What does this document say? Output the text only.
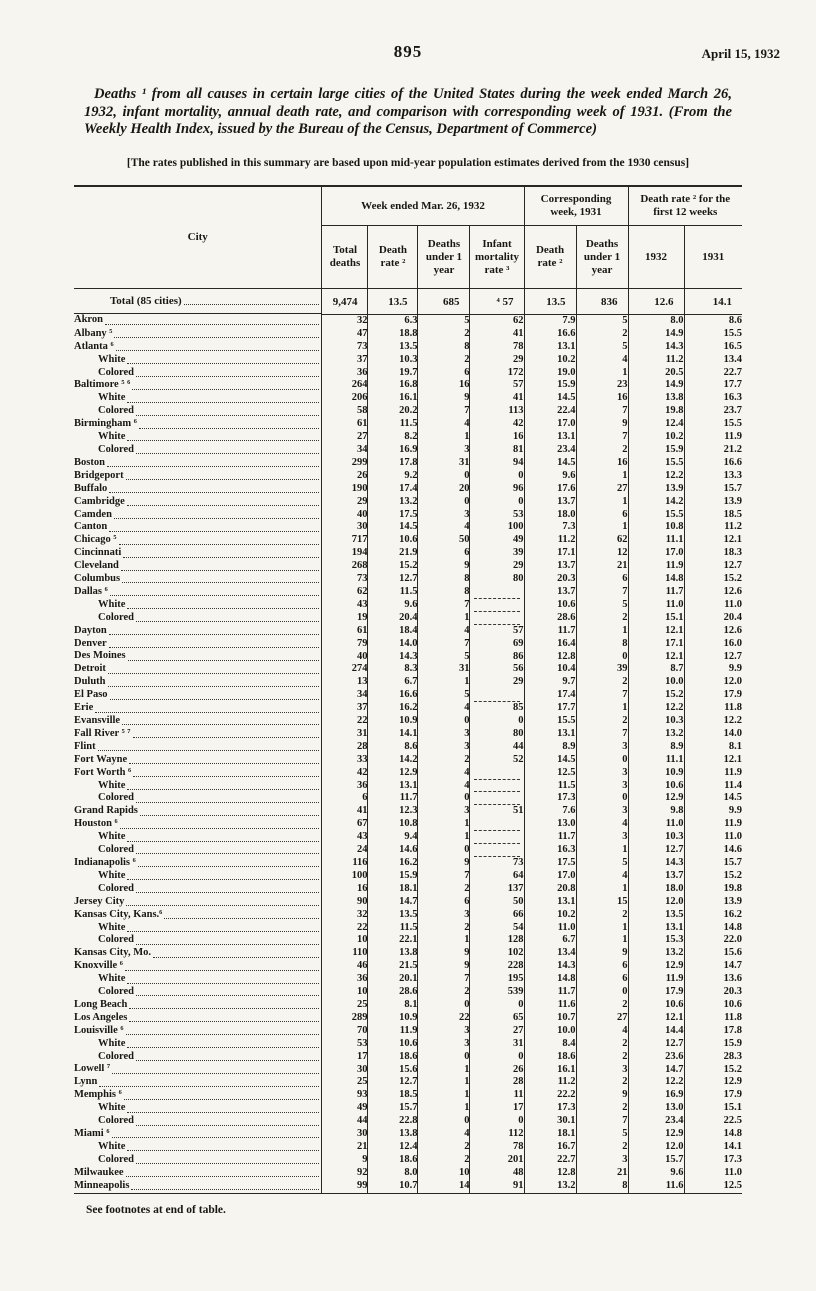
895	April 15, 1932

Deaths ¹ from all causes in certain large cities of the United States during the week ended March 26, 1932, infant mortality, annual death rate, and comparison with corresponding week of 1931. (From the Weekly Health Index, issued by the Bureau of the Census, Department of Commerce)

[The rates published in this summary are based upon mid-year population estimates derived from the 1930 census]

City	Week ended Mar. 26, 1932				Corresponding week, 1931		Death rate ² for the first 12 weeks	
	Total deaths	Death rate ²	Deaths under 1 year	Infant mortality rate ³	Death rate ²	Deaths under 1 year	1932	1931

Total (85 cities)	9,474	13.5	685	⁴ 57	13.5	836	12.6	14.1

Akron	32	6.3	5	62	7.9	5	8.0	8.6

Albany ⁵	47	18.8	2	41	16.6	2	14.9	15.5

Atlanta ⁶	73	13.5	8	78	13.1	5	14.3	16.5

White	37	10.3	2	29	10.2	4	11.2	13.4

Colored	36	19.7	6	172	19.0	1	20.5	22.7

Baltimore ⁵ ⁶	264	16.8	16	57	15.9	23	14.9	17.7

White	206	16.1	9	41	14.5	16	13.8	16.3

Colored	58	20.2	7	113	22.4	7	19.8	23.7

Birmingham ⁶	61	11.5	4	42	17.0	9	12.4	15.5

White	27	8.2	1	16	13.1	7	10.2	11.9

Colored	34	16.9	3	81	23.4	2	15.9	21.2

Boston	299	17.8	31	94	14.5	16	15.5	16.6

Bridgeport	26	9.2	0	0	9.6	1	12.2	13.3

Buffalo	190	17.4	20	96	17.6	27	13.9	15.7

Cambridge	29	13.2	0	0	13.7	1	14.2	13.9

Camden	40	17.5	3	53	18.0	6	15.5	18.5

Canton	30	14.5	4	100	7.3	1	10.8	11.2

Chicago ⁵	717	10.6	50	49	11.2	62	11.1	12.1

Cincinnati	194	21.9	6	39	17.1	12	17.0	18.3

Cleveland	268	15.2	9	29	13.7	21	11.9	12.7

Columbus	73	12.7	8	80	20.3	6	14.8	15.2

Dallas ⁶	62	11.5	8		13.7	7	11.7	12.6

White	43	9.6	7		10.6	5	11.0	11.0

Colored	19	20.4	1		28.6	2	15.1	20.4

Dayton	61	18.4	4	57	11.7	1	12.1	12.6

Denver	79	14.0	7	69	16.4	8	17.1	16.0

Des Moines	40	14.3	5	86	12.8	0	12.1	12.7

Detroit	274	8.3	31	56	10.4	39	8.7	9.9

Duluth	13	6.7	1	29	9.7	2	10.0	12.0

El Paso	34	16.6	5		17.4	7	15.2	17.9

Erie	37	16.2	4	85	17.7	1	12.2	11.8

Evansville	22	10.9	0	0	15.5	2	10.3	12.2

Fall River ⁵ ⁷	31	14.1	3	80	13.1	7	13.2	14.0

Flint	28	8.6	3	44	8.9	3	8.9	8.1

Fort Wayne	33	14.2	2	52	14.5	0	11.1	12.1

Fort Worth ⁶	42	12.9	4		12.5	3	10.9	11.9

White	36	13.1	4		11.5	3	10.6	11.4

Colored	6	11.7	0		17.3	0	12.9	14.5

Grand Rapids	41	12.3	3	51	7.6	3	9.8	9.9

Houston ⁶	67	10.8	1		13.0	4	11.0	11.9

White	43	9.4	1		11.7	3	10.3	11.0

Colored	24	14.6	0		16.3	1	12.7	14.6

Indianapolis ⁶	116	16.2	9	73	17.5	5	14.3	15.7

White	100	15.9	7	64	17.0	4	13.7	15.2

Colored	16	18.1	2	137	20.8	1	18.0	19.8

Jersey City	90	14.7	6	50	13.1	15	12.0	13.9

Kansas City, Kans.⁶	32	13.5	3	66	10.2	2	13.5	16.2

White	22	11.5	2	54	11.0	1	13.1	14.8

Colored	10	22.1	1	128	6.7	1	15.3	22.0

Kansas City, Mo.	110	13.8	9	102	13.4	9	13.2	15.6

Knoxville ⁶	46	21.5	9	228	14.3	6	12.9	14.7

White	36	20.1	7	195	14.8	6	11.9	13.6

Colored	10	28.6	2	539	11.7	0	17.9	20.3

Long Beach	25	8.1	0	0	11.6	2	10.6	10.6

Los Angeles	289	10.9	22	65	10.7	27	12.1	11.8

Louisville ⁶	70	11.9	3	27	10.0	4	14.4	17.8

White	53	10.6	3	31	8.4	2	12.7	15.9

Colored	17	18.6	0	0	18.6	2	23.6	28.3

Lowell ⁷	30	15.6	1	26	16.1	3	14.7	15.2

Lynn	25	12.7	1	28	11.2	2	12.2	12.9

Memphis ⁶	93	18.5	1	11	22.2	9	16.9	17.9

White	49	15.7	1	17	17.3	2	13.0	15.1

Colored	44	22.8	0	0	30.1	7	23.4	22.5

Miami ⁶	30	13.8	4	112	18.1	5	12.9	14.8

White	21	12.4	2	78	16.7	2	12.0	14.1

Colored	9	18.6	2	201	22.7	3	15.7	17.3

Milwaukee	92	8.0	10	48	12.8	21	9.6	11.0

Minneapolis	99	10.7	14	91	13.2	8	11.6	12.5

See footnotes at end of table.
